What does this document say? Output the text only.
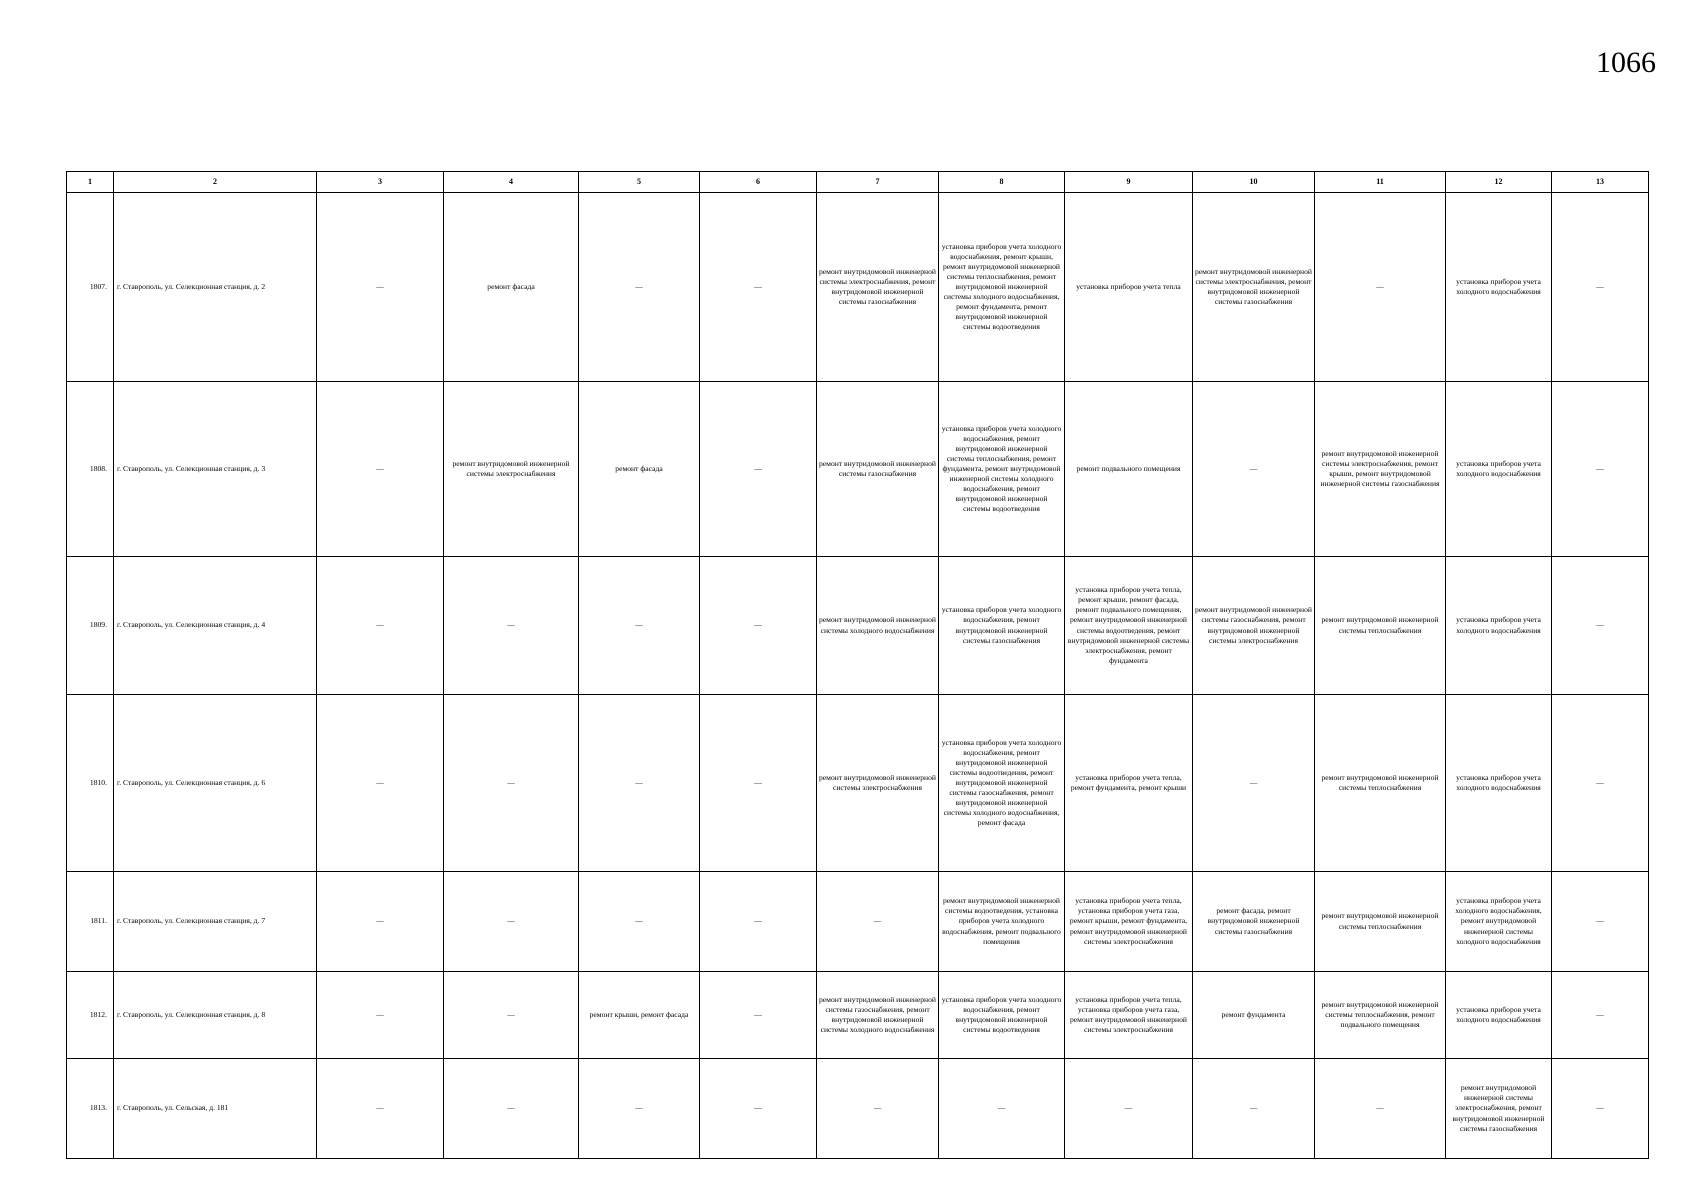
1066
1	2	3	4	5	6	7	8	9	10	11	12	13
1807.	г. Ставрополь, ул. Селекционная станция, д. 2	—	ремонт фасада	—	—	ремонт внутридомовой инженерной системы электроснабжения, ремонт внутридомовой инженерной системы газоснабжения	установка приборов учета холодного водоснабжения, ремонт крыши, ремонт внутридомовой инженерной системы теплоснабжения, ремонт внутридомовой инженерной системы холодного водоснабжения, ремонт фундамента, ремонт внутридомовой инженерной системы водоотведения	установка приборов учета тепла	ремонт внутридомовой инженерной системы электроснабжения, ремонт внутридомовой инженерной системы газоснабжения	—	установка приборов учета холодного водоснабжения	—
1808.	г. Ставрополь, ул. Селекционная станция, д. 3	—	ремонт внутридомовой инженерной системы электроснабжения	ремонт фасада	—	ремонт внутридомовой инженерной системы газоснабжения	установка приборов учета холодного водоснабжения, ремонт внутридомовой инженерной системы теплоснабжения, ремонт фундамента, ремонт внутридомовой инженерной системы холодного водоснабжения, ремонт внутридомовой инженерной системы водоотведения	ремонт подвального помещения	—	ремонт внутридомовой инженерной системы электроснабжения, ремонт крыши, ремонт внутридомовой инженерной системы газоснабжения	установка приборов учета холодного водоснабжения	—
1809.	г. Ставрополь, ул. Селекционная станция, д. 4	—	—	—	—	ремонт внутридомовой инженерной системы холодного водоснабжения	установка приборов учета холодного водоснабжения, ремонт внутридомовой инженерной системы газоснабжения	установка приборов учета тепла, ремонт крыши, ремонт фасада, ремонт подвального помещения, ремонт внутридомовой инженерной системы водоотведения, ремонт внутридомовой инженерной системы электроснабжения, ремонт фундамента	ремонт внутридомовой инженерной системы газоснабжения, ремонт внутридомовой инженерной системы электроснабжения	ремонт внутридомовой инженерной системы теплоснабжения	установка приборов учета холодного водоснабжения	—
1810.	г. Ставрополь, ул. Селекционная станция, д. 6	—	—	—	—	ремонт внутридомовой инженерной системы электроснабжения	установка приборов учета холодного водоснабжения, ремонт внутридомовой инженерной системы водоотведения, ремонт внутридомовой инженерной системы газоснабжения, ремонт внутридомовой инженерной системы холодного водоснабжения, ремонт фасада	установка приборов учета тепла, ремонт фундамента, ремонт крыши	—	ремонт внутридомовой инженерной системы теплоснабжения	установка приборов учета холодного водоснабжения	—
1811.	г. Ставрополь, ул. Селекционная станция, д. 7	—	—	—	—	—	ремонт внутридомовой инженерной системы водоотведения, установка приборов учета холодного водоснабжения, ремонт подвального помещения	установка приборов учета тепла, установка приборов учета газа, ремонт крыши, ремонт фундамента, ремонт внутридомовой инженерной системы электроснабжения	ремонт фасада, ремонт внутридомовой инженерной системы газоснабжения	ремонт внутридомовой инженерной системы теплоснабжения	установка приборов учета холодного водоснабжения, ремонт внутридомовой инженерной системы холодного водоснабжения	—
1812.	г. Ставрополь, ул. Селекционная станция, д. 8	—	—	ремонт крыши, ремонт фасада	—	ремонт внутридомовой инженерной системы газоснабжения, ремонт внутридомовой инженерной системы холодного водоснабжения	установка приборов учета холодного водоснабжения, ремонт внутридомовой инженерной системы водоотведения	установка приборов учета тепла, установка приборов учета газа, ремонт внутридомовой инженерной системы электроснабжения	ремонт фундамента	ремонт внутридомовой инженерной системы теплоснабжения, ремонт подвального помещения	установка приборов учета холодного водоснабжения	—
1813.	г. Ставрополь, ул. Сельская, д. 181	—	—	—	—	—	—	—	—	—	ремонт внутридомовой инженерной системы электроснабжения, ремонт внутридомовой инженерной системы газоснабжения	—
